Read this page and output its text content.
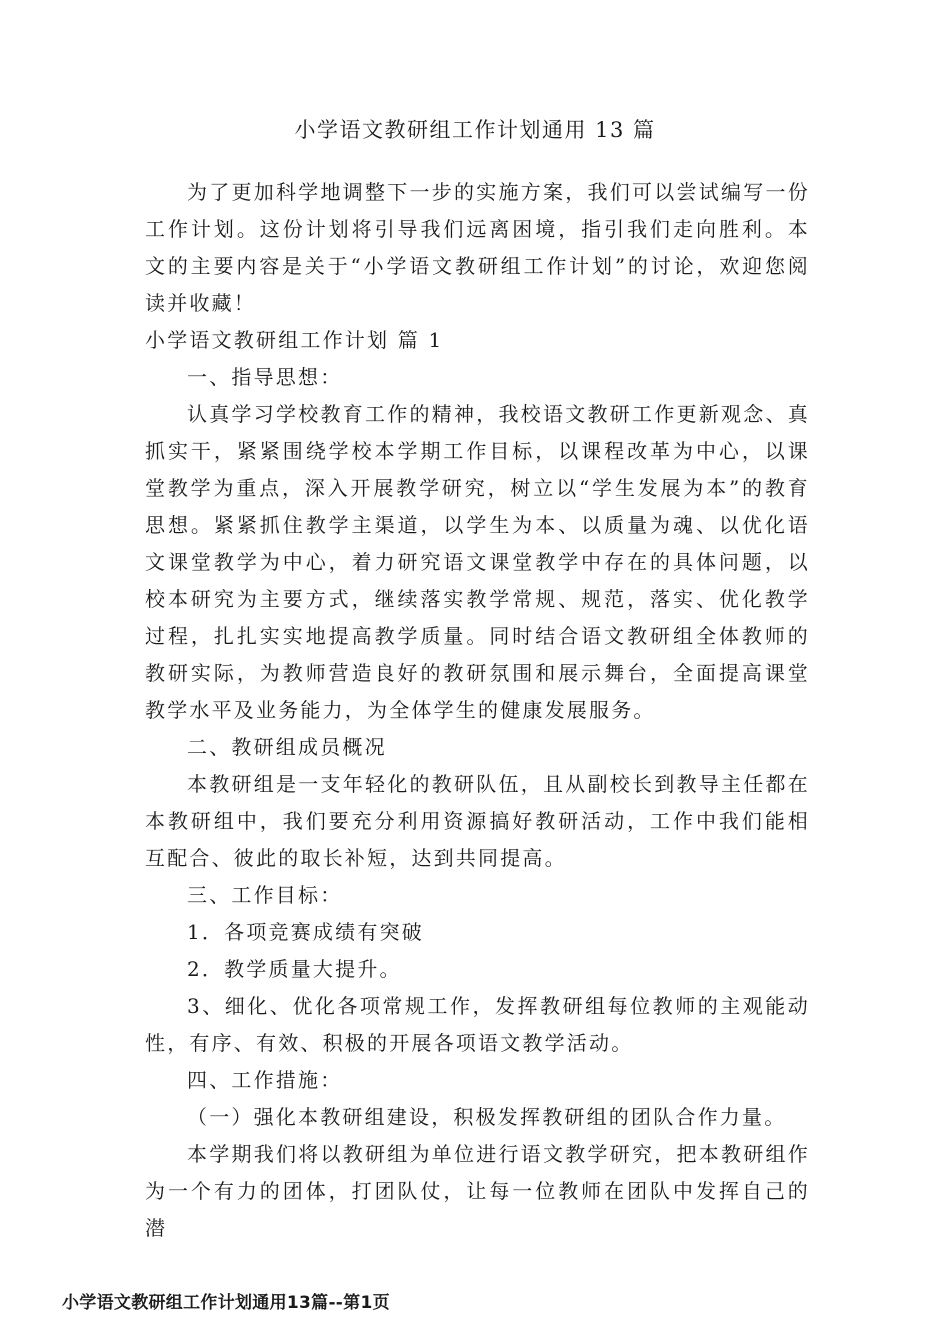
小学语文教研组工作计划通用 13 篇

为了更加科学地调整下一步的实施方案，我们可以尝试编写一份工作计划。这份计划将引导我们远离困境，指引我们走向胜利。本文的主要内容是关于“小学语文教研组工作计划”的讨论，欢迎您阅读并收藏！

小学语文教研组工作计划 篇 1

一、指导思想：

认真学习学校教育工作的精神，我校语文教研工作更新观念、真抓实干，紧紧围绕学校本学期工作目标，以课程改革为中心，以课堂教学为重点，深入开展教学研究，树立以“学生发展为本”的教育思想。紧紧抓住教学主渠道，以学生为本、以质量为魂、以优化语文课堂教学为中心，着力研究语文课堂教学中存在的具体问题，以校本研究为主要方式，继续落实教学常规、规范，落实、优化教学过程，扎扎实实地提高教学质量。同时结合语文教研组全体教师的教研实际，为教师营造良好的教研氛围和展示舞台，全面提高课堂教学水平及业务能力，为全体学生的健康发展服务。

二、教研组成员概况

本教研组是一支年轻化的教研队伍，且从副校长到教导主任都在本教研组中，我们要充分利用资源搞好教研活动，工作中我们能相互配合、彼此的取长补短，达到共同提高。

三、工作目标：

1．各项竞赛成绩有突破

2．教学质量大提升。

3、细化、优化各项常规工作，发挥教研组每位教师的主观能动性，有序、有效、积极的开展各项语文教学活动。

四、工作措施：

（一）强化本教研组建设，积极发挥教研组的团队合作力量。

本学期我们将以教研组为单位进行语文教学研究，把本教研组作为一个有力的团体，打团队仗，让每一位教师在团队中发挥自己的潜

小学语文教研组工作计划通用13篇--第1页
